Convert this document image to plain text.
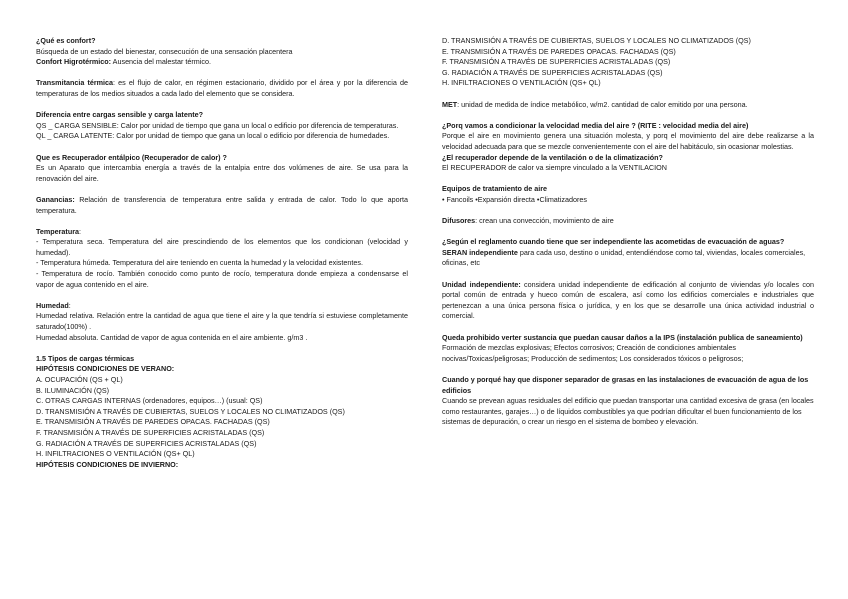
¿Qué es confort?

Búsqueda de un estado del bienestar, consecución de una sensación placentera

Confort Higrotérmico: Ausencia del malestar térmico.

Transmitancia térmica: es el flujo de calor, en régimen estacionario, dividido por el área y por la diferencia de temperaturas de los medios situados a cada lado del elemento que se considera.

Diferencia entre cargas sensible y carga latente?

QS _ CARGA SENSIBLE: Calor por unidad de tiempo que gana un local o edificio por diferencia de temperaturas.

QL _ CARGA LATENTE: Calor por unidad de tiempo que gana un local o edificio por diferencia de humedades.

Que es Recuperador entálpico (Recuperador de calor) ?

Es un Aparato que intercambia energía a través de la entalpia entre dos volúmenes de aire. Se usa para la renovación del aire.

Ganancias: Relación de transferencia de temperatura entre salida y entrada de calor. Todo lo que aporta temperatura.

Temperatura:

- Temperatura seca. Temperatura del aire prescindiendo de los elementos que los condicionan (velocidad y humedad).

- Temperatura húmeda. Temperatura del aire teniendo en cuenta la humedad y la velocidad existentes.

- Temperatura de rocío. También conocido como punto de rocío, temperatura donde empieza a condensarse el vapor de agua contenido en el aire.

Humedad:

Humedad relativa. Relación entre la cantidad de agua que tiene el aire y la que tendría si estuviese completamente saturado(100%) .

Humedad absoluta. Cantidad de vapor de agua contenida en el aire ambiente. g/m3 .

1.5 Tipos de cargas térmicas

HIPÓTESIS CONDICIONES DE VERANO:

A. OCUPACIÓN (QS + QL)

B. ILUMINACIÓN (QS)

C. OTRAS CARGAS INTERNAS (ordenadores, equipos…) (usual: QS)

D. TRANSMISIÓN A TRAVÉS DE CUBIERTAS, SUELOS Y LOCALES NO CLIMATIZADOS (QS)

E. TRANSMISIÓN A TRAVÉS DE PAREDES OPACAS. FACHADAS (QS)

F. TRANSMISIÓN A TRAVÉS DE SUPERFICIES ACRISTALADAS (QS)

G. RADIACIÓN A TRAVÉS DE SUPERFICIES ACRISTALADAS (QS)

H. INFILTRACIONES O VENTILACIÓN (QS+ QL)

HIPÓTESIS CONDICIONES DE INVIERNO:

D. TRANSMISIÓN A TRAVÉS DE CUBIERTAS, SUELOS Y LOCALES NO CLIMATIZADOS (QS)

E. TRANSMISIÓN A TRAVÉS DE PAREDES OPACAS. FACHADAS (QS)

F. TRANSMISIÓN A TRAVÉS DE SUPERFICIES ACRISTALADAS (QS)

G. RADIACIÓN A TRAVÉS DE SUPERFICIES ACRISTALADAS (QS)

H. INFILTRACIONES O VENTILACIÓN (QS+ QL)

MET: unidad de medida de índice metabólico, w/m2. cantidad de calor emitido por una persona.

¿Porq vamos a condicionar la velocidad media del aire ? (RITE : velocidad media del aire)

Porque el aire en movimiento genera una situación molesta, y porq el movimiento del aire debe realizarse a la velocidad adecuada para que se mezcle convenientemente con el aire del habitáculo, sin ocasionar molestias.

¿El recuperador depende de la ventilación o de la climatización?

El RECUPERADOR de calor va siempre vinculado a la VENTILACION

Equipos de tratamiento de aire

• Fancoils •Expansión directa •Climatizadores

Difusores: crean una convección, movimiento de aire

¿Según el reglamento cuando tiene que ser independiente las acometidas de evacuación de aguas?

SERAN independiente para cada uso, destino o unidad, entendiéndose como tal, viviendas, locales comerciales, oficinas, etc

Unidad independiente: considera unidad independiente de edificación al conjunto de viviendas y/o locales con portal común de entrada y hueco común de escalera, así como los edificios comerciales e industriales que pertenezcan a una única persona física o jurídica, y en los que se desarrolle una única actividad industrial o comercial.

Queda prohibido verter sustancia que puedan causar daños a la IPS (instalación publica de saneamiento)

Formación de mezclas explosivas; Efectos corrosivos; Creación de condiciones ambientales

nocivas/Toxicas/peligrosas; Producción de sedimentos; Los considerados tóxicos o peligrosos;

Cuando y porqué hay que disponer separador de grasas en las instalaciones de evacuación de agua de los edificios

Cuando se prevean aguas residuales del edificio que puedan transportar una cantidad excesiva de grasa (en locales como restaurantes, garajes…) o de líquidos combustibles ya que podrían dificultar el buen funcionamiento de los sistemas de depuración, o crear un riesgo en el sistema de bombeo y elevación.
